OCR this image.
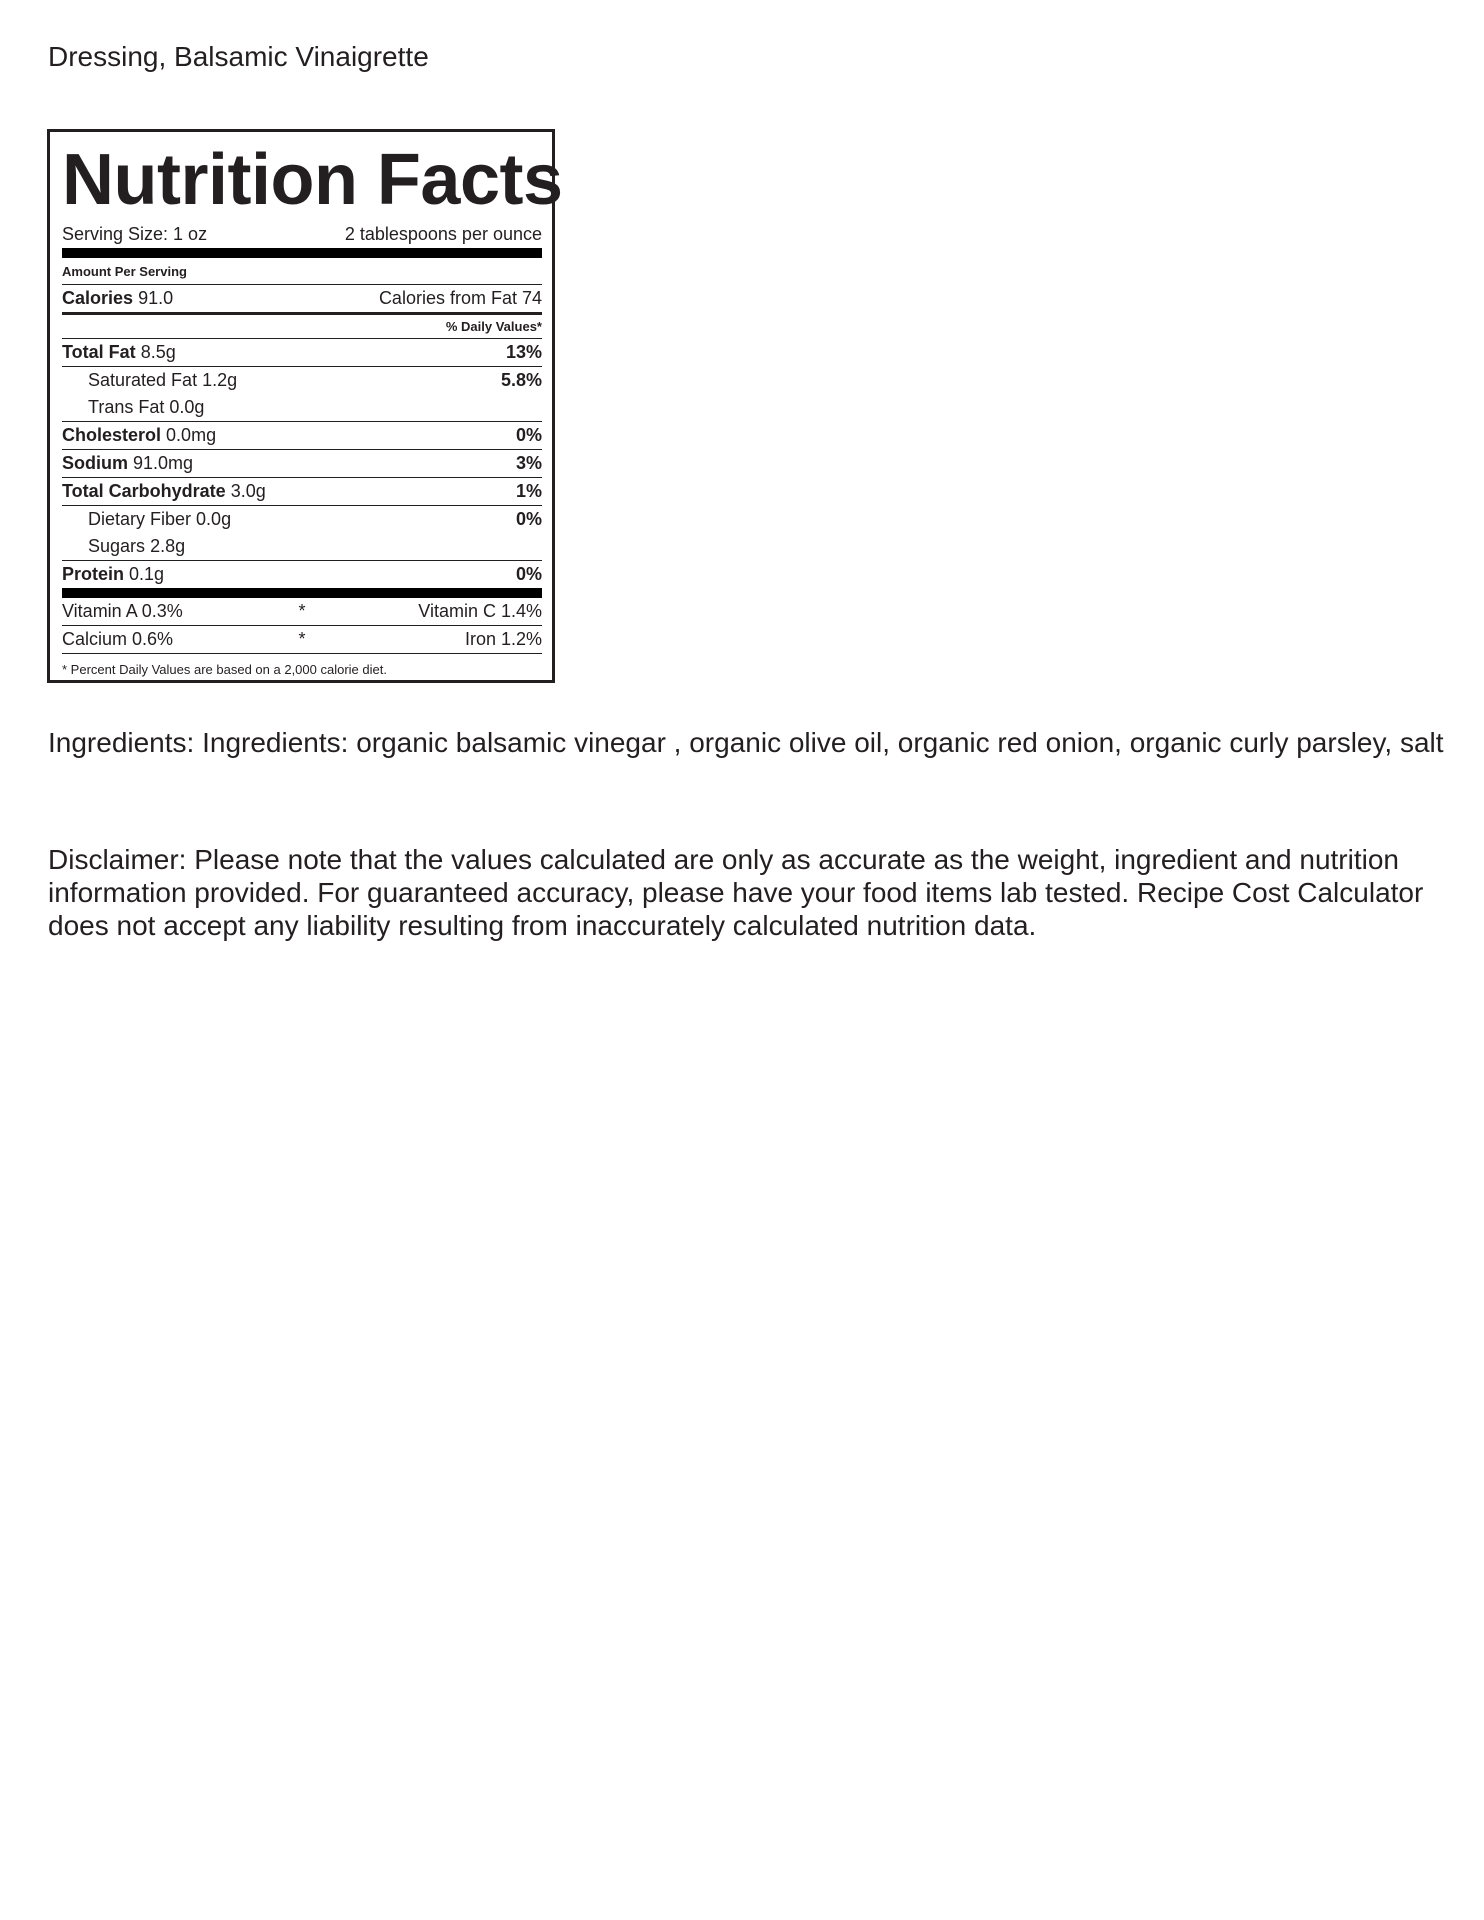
Dressing, Balsamic Vinaigrette
Nutrition Facts
Serving Size: 1 oz	2 tablespoons per ounce
Amount Per Serving
Calories 91.0	Calories from Fat 74
% Daily Values*
Total Fat 8.5g	13%
Saturated Fat 1.2g	5.8%
Trans Fat 0.0g
Cholesterol 0.0mg	0%
Sodium 91.0mg	3%
Total Carbohydrate 3.0g	1%
Dietary Fiber 0.0g	0%
Sugars 2.8g
Protein 0.1g	0%
Vitamin A 0.3%	*	Vitamin C 1.4%
Calcium 0.6%	*	Iron 1.2%
* Percent Daily Values are based on a 2,000 calorie diet.
Ingredients: Ingredients: organic balsamic vinegar , organic olive oil, organic red onion, organic curly parsley, salt
Disclaimer: Please note that the values calculated are only as accurate as the weight, ingredient and nutrition information provided. For guaranteed accuracy, please have your food items lab tested. Recipe Cost Calculator does not accept any liability resulting from inaccurately calculated nutrition data.
